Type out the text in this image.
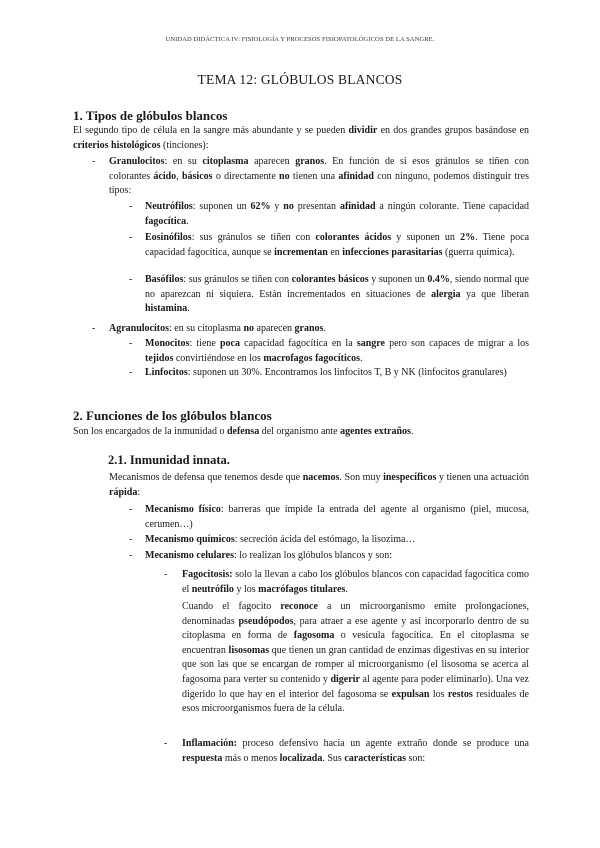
UNIDAD DIDÁCTICA IV: FISIOLOGÍA Y PROCESOS FISIOPATOLÓGICOS DE LA SANGRE.
TEMA 12: GLÓBULOS BLANCOS
1. Tipos de glóbulos blancos
El segundo tipo de célula en la sangre más abundante y se pueden dividir en dos grandes grupos basándose en criterios histológicos (tinciones):
- Granulocitos: en su citoplasma aparecen granos. En función de si esos gránulos se tiñen con colorantes ácido, básicos o directamente no tienen una afinidad con ninguno, podemos distinguir tres tipos:
- Neutrófilos: suponen un 62% y no presentan afinidad a ningún colorante. Tiene capacidad fagocítica.
- Eosinófilos: sus gránulos se tiñen con colorantes ácidos y suponen un 2%. Tiene poca capacidad fagocítica, aunque se incrementan en infecciones parasitarias (guerra química).
- Basófilos: sus gránulos se tiñen con colorantes básicos y suponen un 0.4%, siendo normal que no aparezcan ni siquiera. Están incrementados en situaciones de alergia ya que liberan histamina.
- Agranulocitos: en su citoplasma no aparecen granos.
- Monocitos: tiene poca capacidad fagocítica en la sangre pero son capaces de migrar a los tejidos convirtiéndose en los macrofagos fagocíticos.
- Linfocitos: suponen un 30%. Encontramos los linfocitos T, B y NK (linfocitos granulares)
2. Funciones de los glóbulos blancos
Son los encargados de la inmunidad o defensa del organismo ante agentes extraños.
2.1. Inmunidad innata.
Mecanismos de defensa que tenemos desde que nacemos. Son muy inespecíficos y tienen una actuación rápida:
- Mecanismo físico: barreras que impide la entrada del agente al organismo (piel, mucosa, cerumen…)
- Mecanismo químicos: secreción ácida del estómago, la lisozima…
- Mecanismo celulares: lo realizan los glóbulos blancos y son:
- Fagocitosis: solo la llevan a cabo los glóbulos blancos con capacidad fagocítica como el neutrófilo y los macrófagos titulares.
Cuando el fagocito reconoce a un microorganismo emite prolongaciones, denominadas pseudópodos, para atraer a ese agente y así incorporarlo dentro de su citoplasma en forma de fagosoma o vesícula fagocítica. En el citoplasma se encuentran lisosomas que tienen un gran cantidad de enzimas digestivas en su interior que son las que se encargan de romper al microorganismo (el lisosoma se acerca al fagosoma para verter su contenido y digerir al agente para poder eliminarlo). Una vez digerido lo que hay en el interior del fagosoma se expulsan los restos residuales de esos microorganismos fuera de la célula.
- Inflamación: proceso defensivo hacia un agente extraño donde se produce una respuesta más o menos localizada. Sus características son:
